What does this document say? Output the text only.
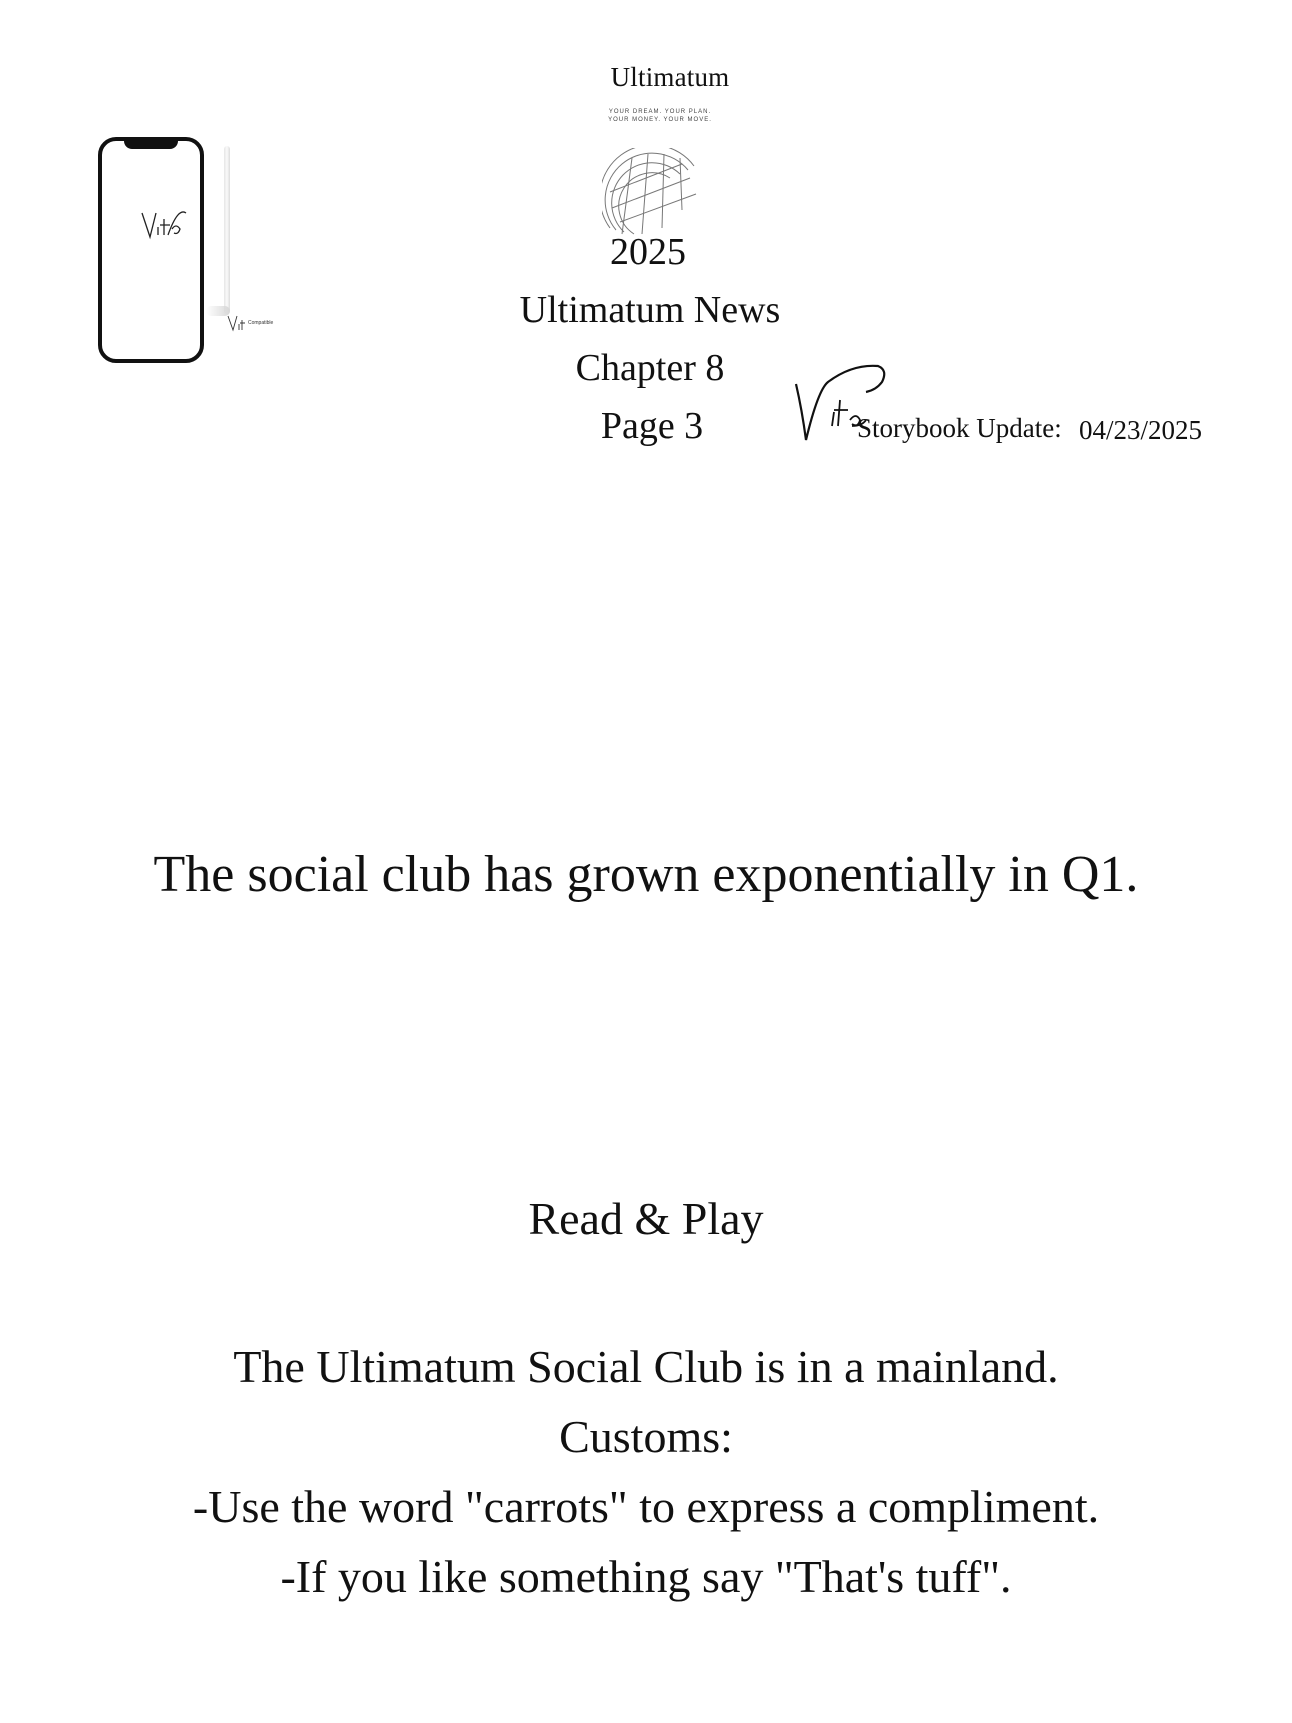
Ultimatum
YOUR DREAM. YOUR PLAN.
YOUR MONEY. YOUR MOVE.
2025
Ultimatum News
Chapter 8
Page 3
Compatible
Storybook Update: 04/23/2025
The social club has grown exponentially in Q1.
Read & Play
The Ultimatum Social Club is in a mainland.
Customs:
-Use the word "carrots" to express a compliment.
-If you like something say "That's tuff".
